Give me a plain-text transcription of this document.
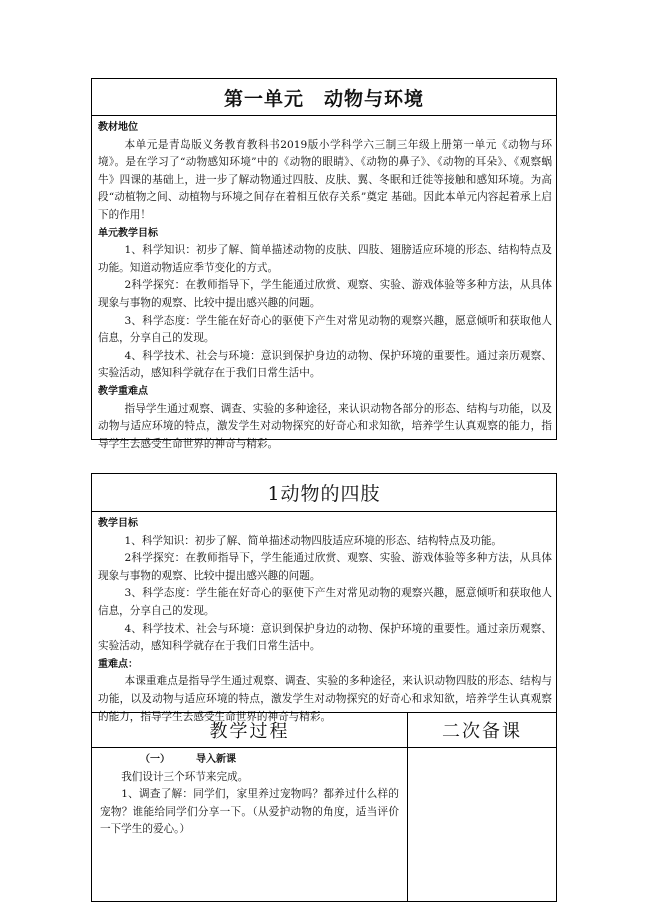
第一单元　动物与环境
教材地位

本单元是青岛版义务教育教科书2019版小学科学六三制三年级上册第一单元《动物与环境》。是在学习了“动物感知环境”中的《动物的眼睛》、《动物的鼻子》、《动物的耳朵》、《观察蜗牛》四课的基础上，进一步了解动物通过四肢、皮肤、翼、冬眠和迁徙等接触和感知环境。为高段“动植物之间、动植物与环境之间存在着相互依存关系”奠定 基础。因此本单元内容起着承上启下的作用！

单元教学目标

1、科学知识：初步了解、简单描述动物的皮肤、四肢、翅膀适应环境的形态、结构特点及功能。知道动物适应季节变化的方式。

2科学探究：在教师指导下，学生能通过欣赏、观察、实验、游戏体验等多种方法，从具体现象与事物的观察、比较中提出感兴趣的问题。

3、科学态度：学生能在好奇心的驱使下产生对常见动物的观察兴趣，愿意倾听和获取他人信息，分享自己的发现。

4、科学技术、社会与环境：意识到保护身边的动物、保护环境的重要性。通过亲历观察、实验活动，感知科学就存在于我们日常生活中。

教学重难点

指导学生通过观察、调查、实验的多种途径，来认识动物各部分的形态、结构与功能，以及动物与适应环境的特点，激发学生对动物探究的好奇心和求知欲，培养学生认真观察的能力，指导学生去感受生命世界的神奇与精彩。

1动物的四肢
教学目标

1、科学知识：初步了解、简单描述动物四肢适应环境的形态、结构特点及功能。

2科学探究：在教师指导下，学生能通过欣赏、观察、实验、游戏体验等多种方法，从具体现象与事物的观察、比较中提出感兴趣的问题。

3、科学态度：学生能在好奇心的驱使下产生对常见动物的观察兴趣，愿意倾听和获取他人信息，分享自己的发现。

4、科学技术、社会与环境：意识到保护身边的动物、保护环境的重要性。通过亲历观察、实验活动，感知科学就存在于我们日常生活中。

重难点：

本课重难点是指导学生通过观察、调查、实验的多种途径，来认识动物四肢的形态、结构与功能，以及动物与适应环境的特点，激发学生对动物探究的好奇心和求知欲，培养学生认真观察的能力，指导学生去感受生命世界的神奇与精彩。

教学过程

（一）	导入新课

我们设计三个环节来完成。

1、调查了解：同学们，家里养过宠物吗？都养过什么样的宠物？谁能给同学们分享一下。（从爱护动物的角度，适当评价一下学生的爱心。）

二次备课
